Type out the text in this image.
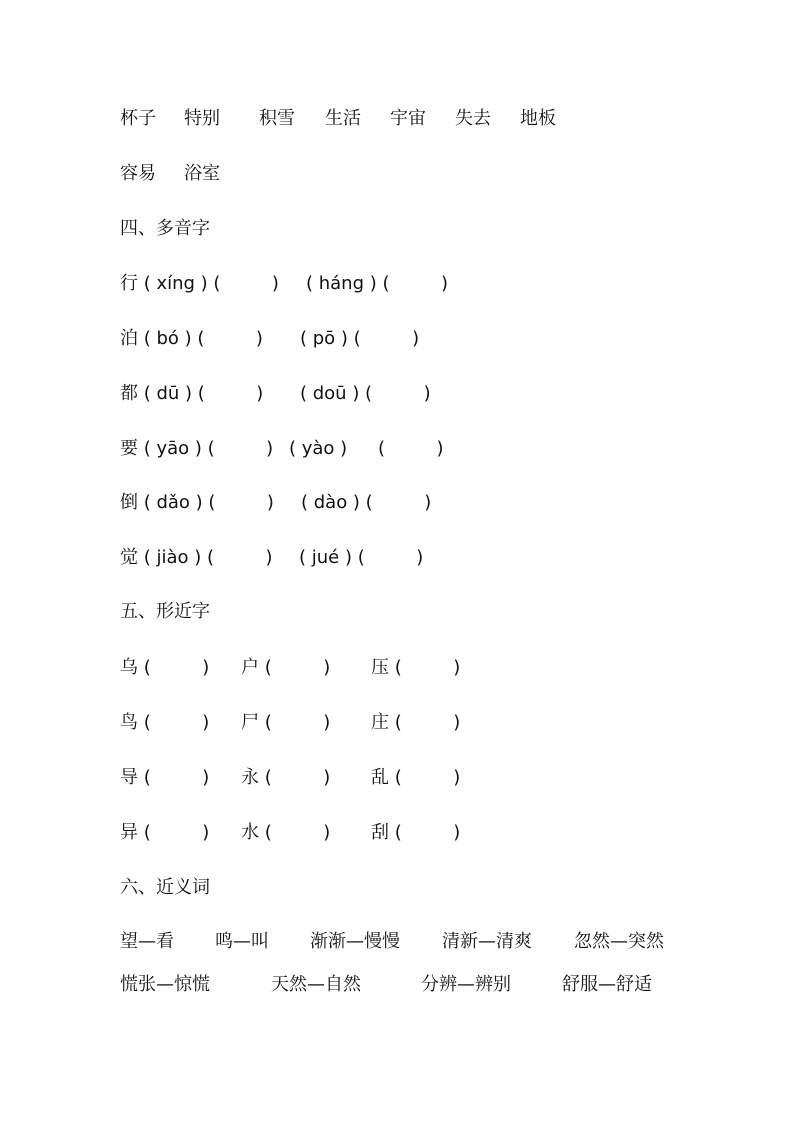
杯子 特别 积雪 生活 宇宙 失去 地板
容易 浴室
四、多音字
行 ( xíng ) (         ) ( háng ) (         )
泊 ( bó ) (         ) ( pō ) (         )
都 ( dū ) (         ) ( doū ) (         )
要 ( yāo ) (         ) ( yào ) (         )
倒 ( dǎo ) (         ) ( dào ) (         )
觉 ( jiào ) (         ) ( jué ) (         )
五、形近字
乌 (         ) 户 (         ) 压 (         )
鸟 (         ) 尸 (         ) 庄 (         )
导 (         ) 永 (         ) 乱 (         )
异 (         ) 水 (         ) 刮 (         )
六、近义词
望—看 鸣—叫 渐渐—慢慢 清新—清爽 忽然—突然
慌张—惊慌	天然—自然	分辨—辨别	舒服—舒适
